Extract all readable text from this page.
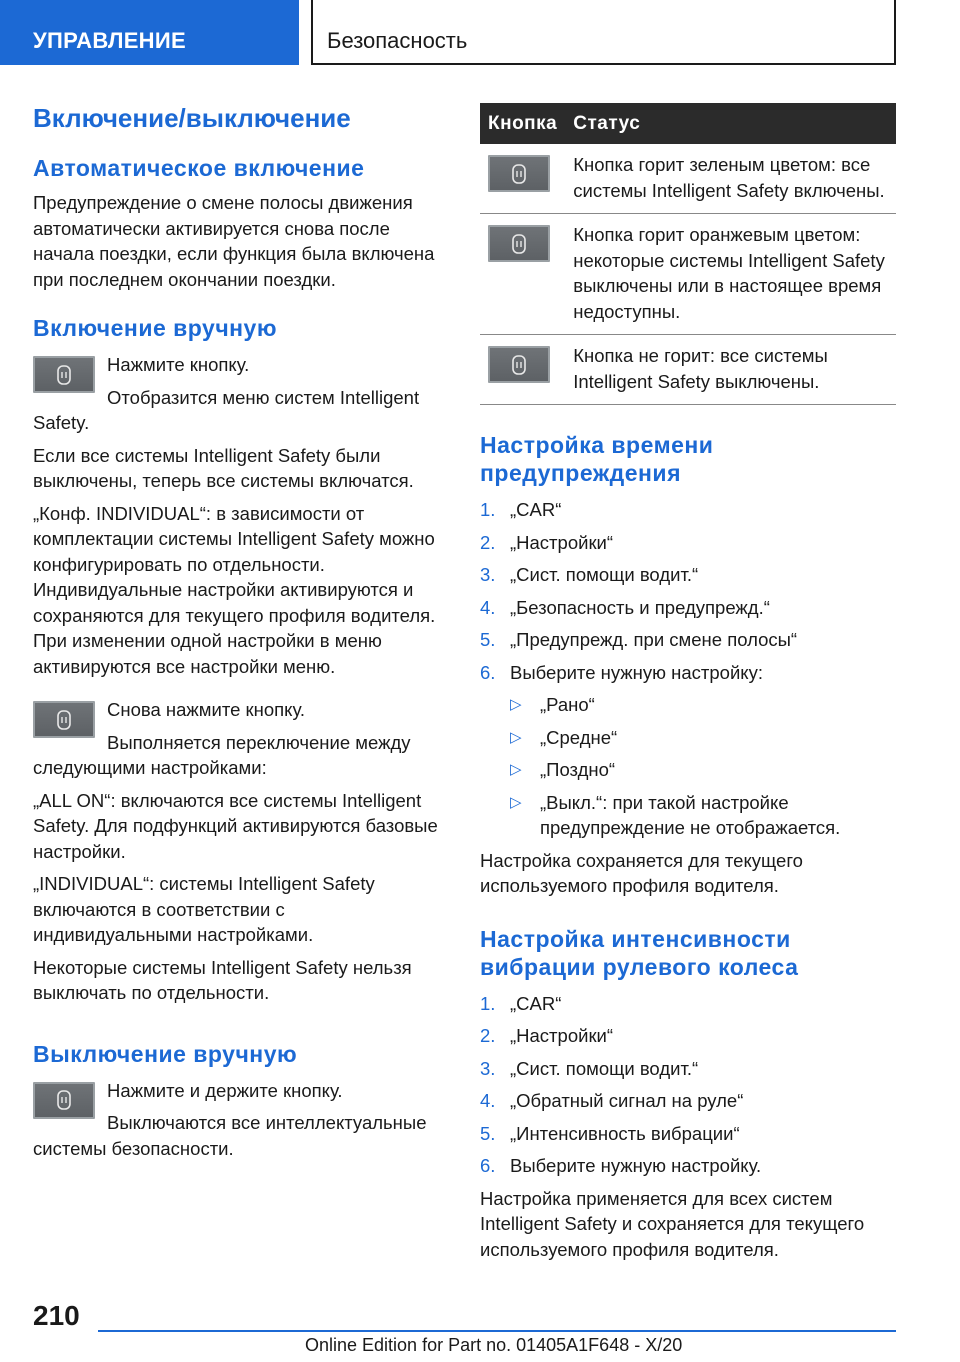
УПРАВЛЕНИЕ	Безопасность
Включение/выключение
Автоматическое включение

Предупреждение о смене полосы движения автоматически активируется снова после начала поездки, если функция была включена при последнем окончании поездки.

Включение вручную

Нажмите кнопку.

Отобразится меню систем Intelligent Safety.

Если все системы Intelligent Safety были выключены, теперь все системы включатся.

„Конф. INDIVIDUAL“: в зависимости от комплектации системы Intelligent Safety можно конфигурировать по отдельности. Индивидуальные настройки активируются и сохраняются для текущего профиля водителя. При изменении одной настройки в меню активируются все настройки меню.

Снова нажмите кнопку.

Выполняется переключение между следующими настройками:

„ALL ON“: включаются все системы Intelligent Safety. Для подфункций активируются базовые настройки.

„INDIVIDUAL“: системы Intelligent Safety включаются в соответствии с индивидуальными настройками.

Некоторые системы Intelligent Safety нельзя выключать по отдельности.

Выключение вручную

Нажмите и держите кнопку.

Выключаются все интеллектуальные системы безопасности.

Кнопка	Статус

	Кнопка горит зеленым цветом: все системы Intelligent Safety включены.

	Кнопка горит оранжевым цветом: некоторые системы Intelligent Safety выключены или в настоящее время недоступны.

	Кнопка не горит: все системы Intelligent Safety выключены.
Настройка времени
предупреждения
1. „CAR“
2. „Настройки“
3. „Сист. помощи водит.“
4. „Безопасность и предупрежд.“
5. „Предупрежд. при смене полосы“
6. Выберите нужную настройку:
▷ „Рано“
▷ „Средне“
▷ „Поздно“
▷ „Выкл.“: при такой настройке предупреждение не отображается.

Настройка сохраняется для текущего используемого профиля водителя.

Настройка интенсивности
вибрации рулевого колеса
1. „CAR“
2. „Настройки“
3. „Сист. помощи водит.“
4. „Обратный сигнал на руле“
5. „Интенсивность вибрации“
6. Выберите нужную настройку.

Настройка применяется для всех систем Intelligent Safety и сохраняется для текущего используемого профиля водителя.

210
Online Edition for Part no. 01405A1F648 - X/20
